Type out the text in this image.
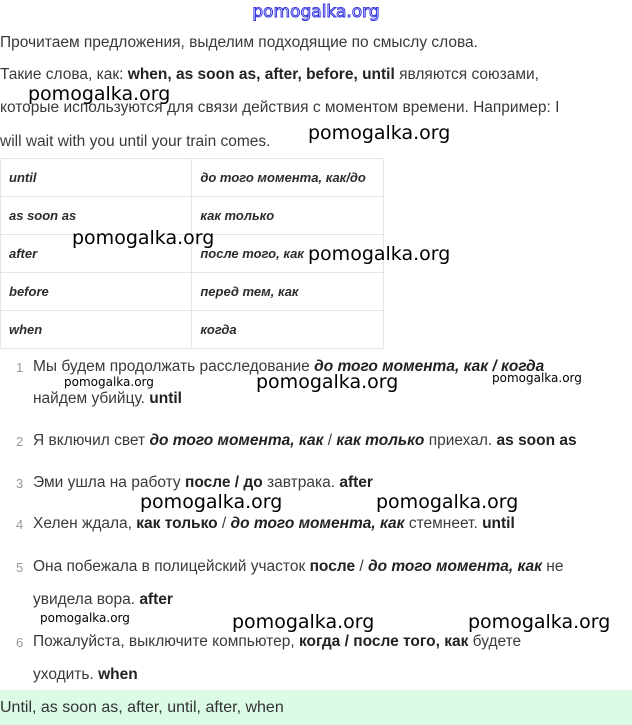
pomogalka.org
Прочитаем предложения, выделим подходящие по смыслу слова.
Такие слова, как: when, as soon as, after, before, until являются союзами,
которые используются для связи действия с моментом времени. Например: I
will wait with you until your train comes.
until	до того момента, как/до
as soon as	как только
after	после того, как
before	перед тем, как
when	когда
1 Мы будем продолжать расследование до того момента, как / когда
найдем убийцу. until
2 Я включил свет до того момента, как / как только приехал. as soon as
3 Эми ушла на работу после / до завтрака. after
4 Хелен ждала, как только / до того момента, как стемнеет. until
5 Она побежала в полицейский участок после / до того момента, как не
увидела вора. after
6 Пожалуйста, выключите компьютер, когда / после того, как будете
уходить. when
Until, as soon as, after, until, after, when
pomogalka.org
pomogalka.org
pomogalka.org
pomogalka.org
pomogalka.org	pomogalka.org	pomogalka.org
pomogalka.org	pomogalka.org
pomogalka.org	pomogalka.org	pomogalka.org
